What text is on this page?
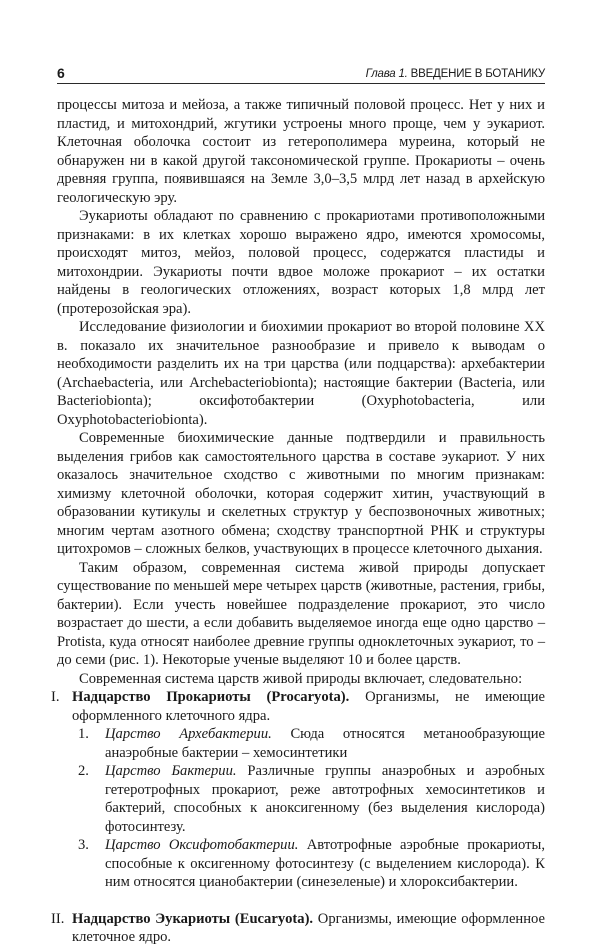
6	Глава 1. ВВЕДЕНИЕ В БОТАНИКУ

процессы митоза и мейоза, а также типичный половой процесс. Нет у них и пластид, и митохондрий, жгутики устроены много проще, чем у эукариот. Клеточная оболочка состоит из гетерополимера муреина, который не обнаружен ни в какой другой таксономической группе. Прокариоты – очень древняя группа, появившаяся на Земле 3,0–3,5 млрд лет назад в архейскую геологическую эру.

Эукариоты обладают по сравнению с прокариотами противоположными признаками: в их клетках хорошо выражено ядро, имеются хромосомы, происходят митоз, мейоз, половой процесс, содержатся пластиды и митохондрии. Эукариоты почти вдвое моложе прокариот – их остатки найдены в геологических отложениях, возраст которых 1,8 млрд лет (протерозойская эра).

Исследование физиологии и биохимии прокариот во второй половине XX в. показало их значительное разнообразие и привело к выводам о необходимости разделить их на три царства (или подцарства): архебактерии (Archaebacteria, или Archebacteriobionta); настоящие бактерии (Bacteria, или Bacteriobionta); оксифотобактерии (Oxyphotobacteria, или Oxyphotobacteriobionta).

Современные биохимические данные подтвердили и правильность выделения грибов как самостоятельного царства в составе эукариот. У них оказалось значительное сходство с животными по многим признакам: химизму клеточной оболочки, которая содержит хитин, участвующий в образовании кутикулы и скелетных структур у беспозвоночных животных; многим чертам азотного обмена; сходству транспортной РНК и структуры цитохромов – сложных белков, участвующих в процессе клеточного дыхания.

Таким образом, современная система живой природы допускает существование по меньшей мере четырех царств (животные, растения, грибы, бактерии). Если учесть новейшее подразделение прокариот, это число возрастает до шести, а если добавить выделяемое иногда еще одно царство – Protista, куда относят наиболее древние группы одноклеточных эукариот, то – до семи (рис. 1). Некоторые ученые выделяют 10 и более царств.

Современная система царств живой природы включает, следовательно:

I. Надцарство Прокариоты (Procaryota). Организмы, не имеющие оформленного клеточного ядра.
1.	Царство Архебактерии. Сюда относятся метанообразующие анаэробные бактерии – хемосинтетики
2.	Царство Бактерии. Различные группы анаэробных и аэробных гетеротрофных прокариот, реже автотрофных хемосинтетиков и бактерий, способных к аноксигенному (без выделения кислорода) фотосинтезу.
3.	Царство Оксифотобактерии. Автотрофные аэробные прокариоты, способные к оксигенному фотосинтезу (с выделением кислорода). К ним относятся цианобактерии (синезеленые) и хлороксибактерии.
II. Надцарство Эукариоты (Eucaryota). Организмы, имеющие оформленное клеточное ядро.
